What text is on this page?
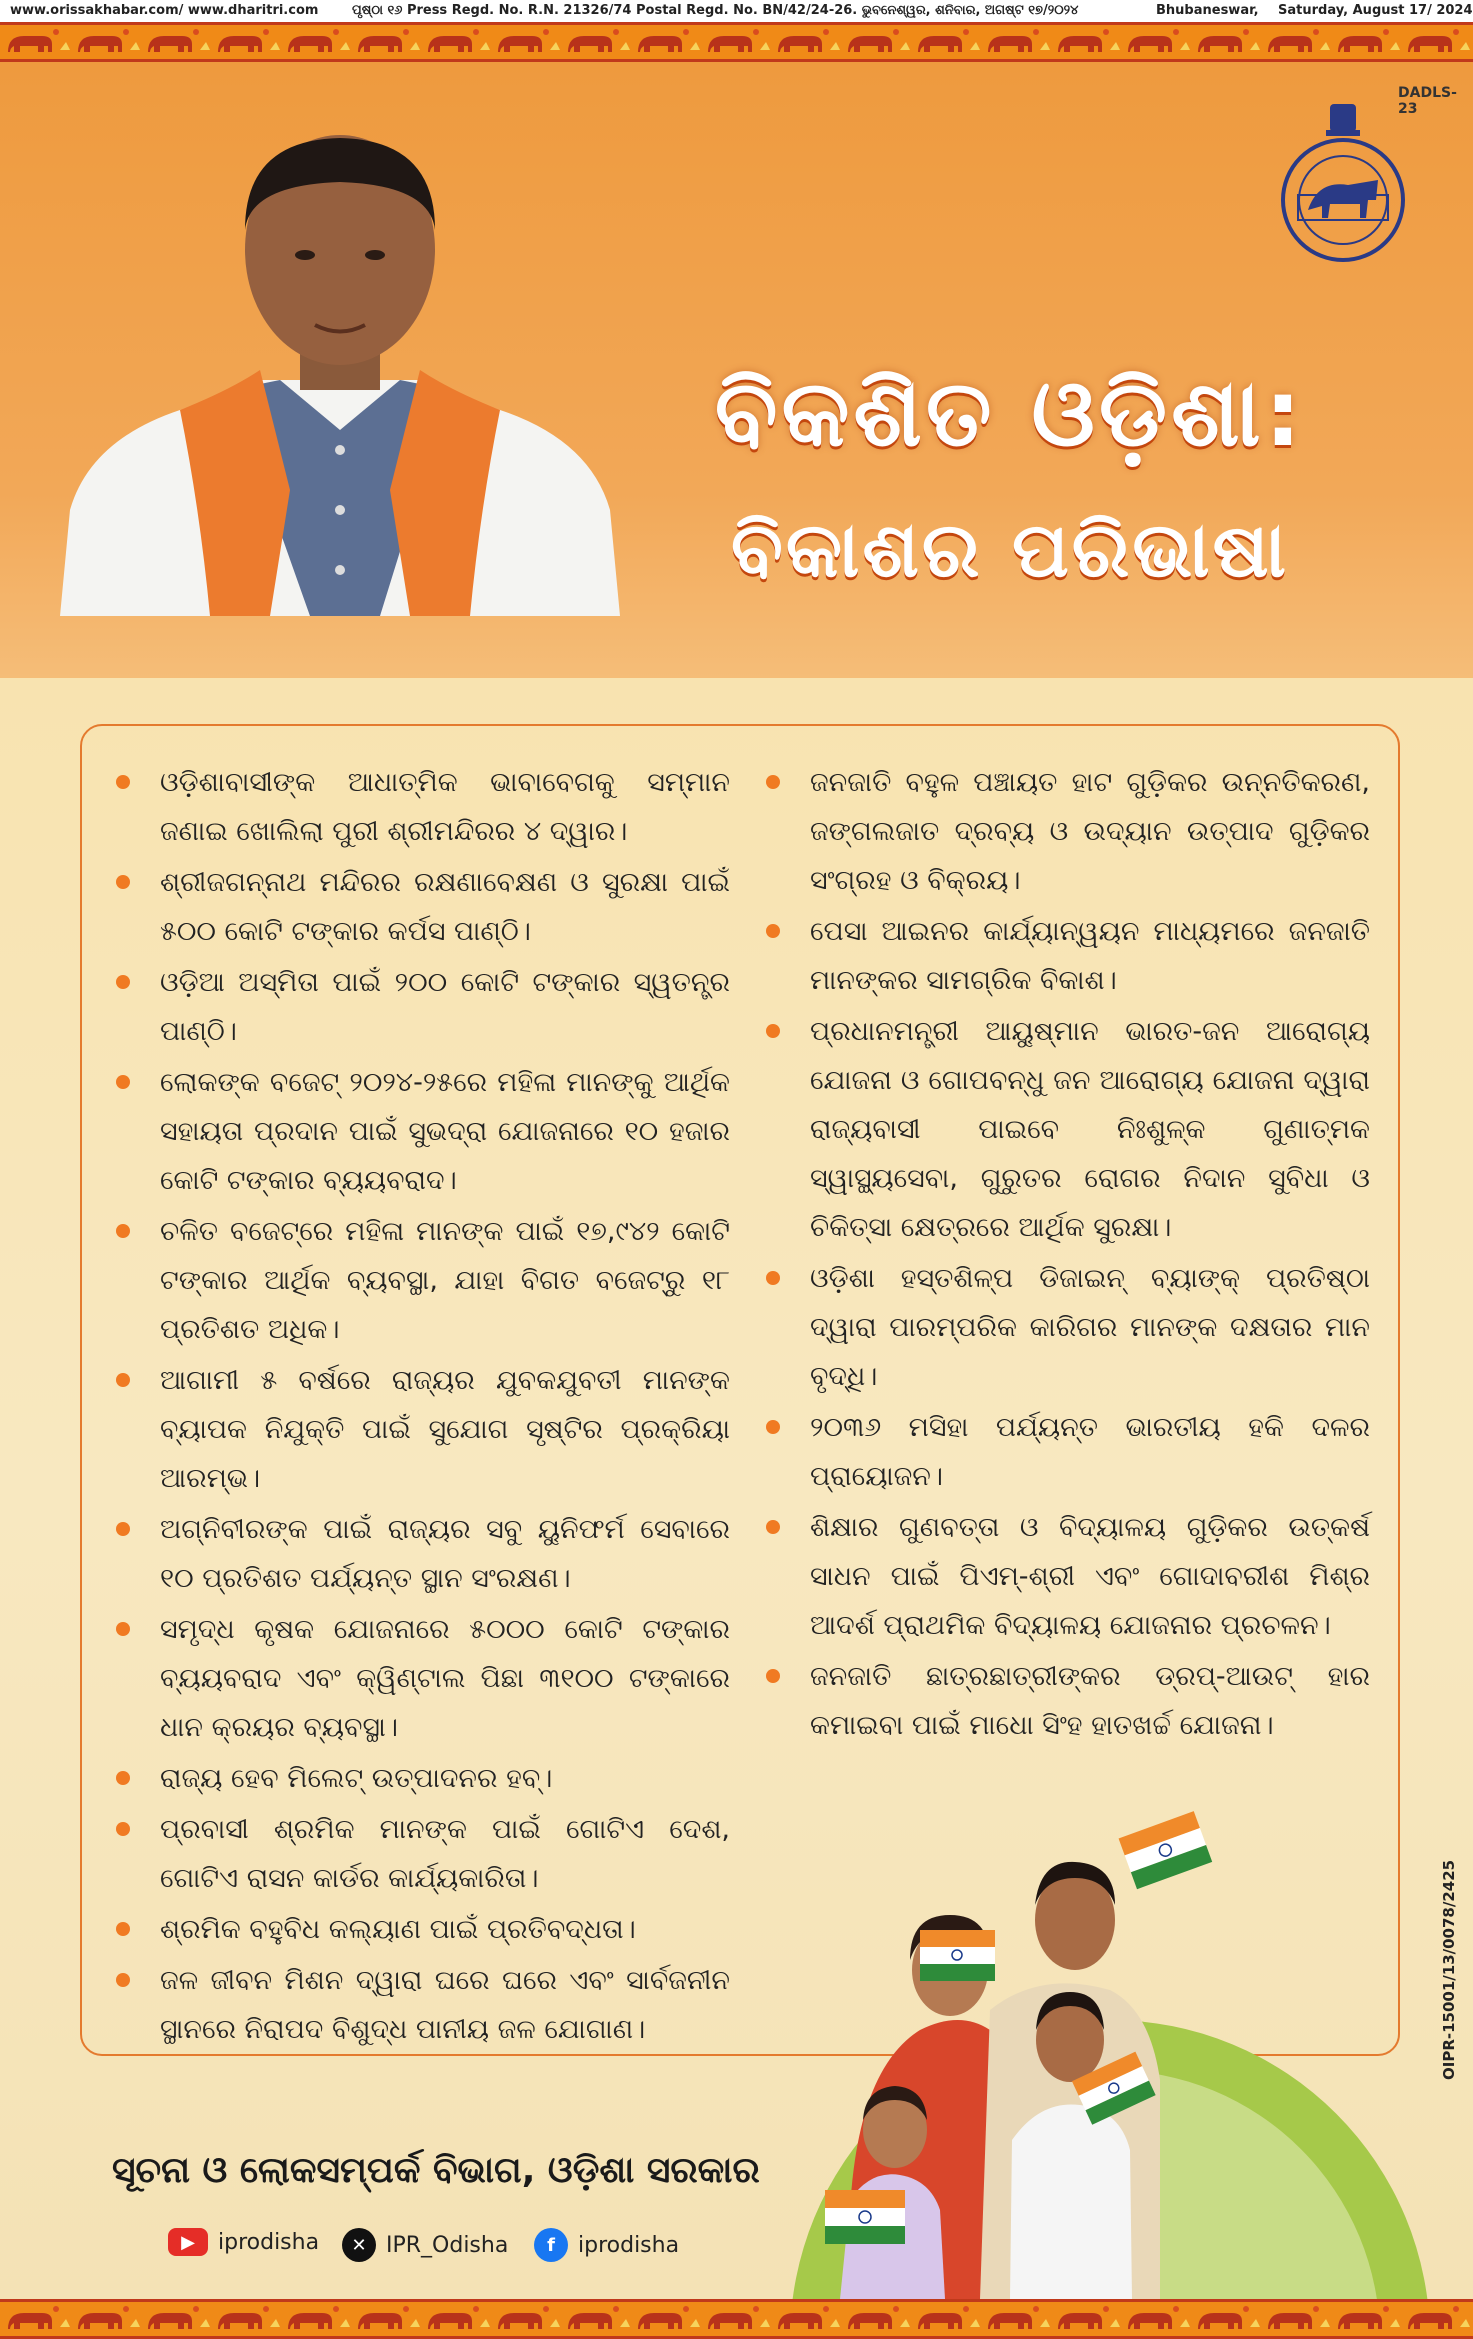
www.orissakhabar.com/ www.dharitri.com	ପୃଷ୍ଠା ୧୬ Press Regd. No. R.N. 21326/74 Postal Regd. No. BN/42/24-26. ଭୁବନେଶ୍ୱର, ଶନିବାର, ଅଗଷ୍ଟ ୧୭/୨୦୨୪	Bhubaneswar, Saturday, August 17/ 2024
DADLS-23
ବିକଶିତ ଓଡ଼ିଶା:
ବିକାଶର ପରିଭାଷା
ଓଡ଼ିଶାବାସୀଙ୍କ ଆଧାତ୍ମିକ ଭାବାବେଗକୁ ସମ୍ମାନ ଜଣାଇ ଖୋଲିଲା ପୁରୀ ଶ୍ରୀମନ୍ଦିରର ୪ ଦ୍ୱାର।
ଶ୍ରୀଜଗନ୍ନାଥ ମନ୍ଦିରର ରକ୍ଷଣାବେକ୍ଷଣ ଓ ସୁରକ୍ଷା ପାଇଁ ୫୦୦ କୋଟି ଟଙ୍କାର କର୍ପସ ପାଣ୍ଠି।
ଓଡ଼ିଆ ଅସ୍ମିତା ପାଇଁ ୨୦୦ କୋଟି ଟଙ୍କାର ସ୍ୱତନ୍ତ୍ର ପାଣ୍ଠି।
ଲୋକଙ୍କ ବଜେଟ୍ ୨୦୨୪-୨୫ରେ ମହିଳା ମାନଙ୍କୁ ଆର୍ଥିକ ସହାୟତା ପ୍ରଦାନ ପାଇଁ ସୁଭଦ୍ରା ଯୋଜନାରେ ୧୦ ହଜାର କୋଟି ଟଙ୍କାର ବ୍ୟୟବରାଦ।
ଚଳିତ ବଜେଟ୍‌ରେ ମହିଳା ମାନଙ୍କ ପାଇଁ ୧୭,୯୪୨ କୋଟି ଟଙ୍କାର ଆର୍ଥିକ ବ୍ୟବସ୍ଥା, ଯାହା ବିଗତ ବଜେଟ୍‌ରୁ ୧୮ ପ୍ରତିଶତ ଅଧିକ।
ଆଗାମୀ ୫ ବର୍ଷରେ ରାଜ୍ୟର ଯୁବକଯୁବତୀ ମାନଙ୍କ ବ୍ୟାପକ ନିଯୁକ୍ତି ପାଇଁ ସୁଯୋଗ ସୃଷ୍ଟିର ପ୍ରକ୍ରିୟା ଆରମ୍ଭ।
ଅଗ୍ନିବୀରଙ୍କ ପାଇଁ ରାଜ୍ୟର ସବୁ ୟୁନିଫର୍ମ ସେବାରେ ୧୦ ପ୍ରତିଶତ ପର୍ଯ୍ୟନ୍ତ ସ୍ଥାନ ସଂରକ୍ଷଣ।
ସମୃଦ୍ଧ କୃଷକ ଯୋଜନାରେ ୫୦୦୦ କୋଟି ଟଙ୍କାର ବ୍ୟୟବରାଦ ଏବଂ କ୍ୱିଣ୍ଟାଲ ପିଛା ୩୧୦୦ ଟଙ୍କାରେ ଧାନ କ୍ରୟର ବ୍ୟବସ୍ଥା।
ରାଜ୍ୟ ହେବ ମିଲେଟ୍ ଉତ୍ପାଦନର ହବ୍।
ପ୍ରବାସୀ ଶ୍ରମିକ ମାନଙ୍କ ପାଇଁ ଗୋଟିଏ ଦେଶ, ଗୋଟିଏ ରାସନ କାର୍ଡର କାର୍ଯ୍ୟକାରିତା।
ଶ୍ରମିକ ବହୁବିଧ କଲ୍ୟାଣ ପାଇଁ ପ୍ରତିବଦ୍ଧତା।
ଜଳ ଜୀବନ ମିଶନ ଦ୍ୱାରା ଘରେ ଘରେ ଏବଂ ସାର୍ବଜନୀନ ସ୍ଥାନରେ ନିରାପଦ ବିଶୁଦ୍ଧ ପାନୀୟ ଜଳ ଯୋଗାଣ।
ଜନଜାତି ବହୁଳ ପଞ୍ଚାୟତ ହାଟ ଗୁଡ଼ିକର ଉନ୍ନତିକରଣ, ଜଙ୍ଗଲଜାତ ଦ୍ରବ୍ୟ ଓ ଉଦ୍ୟାନ ଉତ୍ପାଦ ଗୁଡ଼ିକର ସଂଗ୍ରହ ଓ ବିକ୍ରୟ।
ପେସା ଆଇନର କାର୍ଯ୍ୟାନ୍ୱୟନ ମାଧ୍ୟମରେ ଜନଜାତି ମାନଙ୍କର ସାମଗ୍ରିକ ବିକାଶ।
ପ୍ରଧାନମନ୍ତ୍ରୀ ଆୟୁଷ୍ମାନ ଭାରତ-ଜନ ଆରୋଗ୍ୟ ଯୋଜନା ଓ ଗୋପବନ୍ଧୁ ଜନ ଆରୋଗ୍ୟ ଯୋଜନା ଦ୍ୱାରା ରାଜ୍ୟବାସୀ ପାଇବେ ନିଃଶୁଳ୍କ ଗୁଣାତ୍ମକ ସ୍ୱାସ୍ଥ୍ୟସେବା, ଗୁରୁତର ରୋଗର ନିଦାନ ସୁବିଧା ଓ ଚିକିତ୍ସା କ୍ଷେତ୍ରରେ ଆର୍ଥିକ ସୁରକ୍ଷା।
ଓଡ଼ିଶା ହସ୍ତଶିଳ୍ପ ଡିଜାଇନ୍ ବ୍ୟାଙ୍କ୍ ପ୍ରତିଷ୍ଠା ଦ୍ୱାରା ପାରମ୍ପରିକ କାରିଗର ମାନଙ୍କ ଦକ୍ଷତାର ମାନ ବୃଦ୍ଧି।
୨୦୩୬ ମସିହା ପର୍ଯ୍ୟନ୍ତ ଭାରତୀୟ ହକି ଦଳର ପ୍ରାୟୋଜନ।
ଶିକ୍ଷାର ଗୁଣବତ୍ତା ଓ ବିଦ୍ୟାଳୟ ଗୁଡ଼ିକର ଉତ୍କର୍ଷ ସାଧନ ପାଇଁ ପିଏମ୍-ଶ୍ରୀ ଏବଂ ଗୋଦାବରୀଶ ମିଶ୍ର ଆଦର୍ଶ ପ୍ରାଥମିକ ବିଦ୍ୟାଳୟ ଯୋଜନାର ପ୍ରଚଳନ।
ଜନଜାତି ଛାତ୍ରଛାତ୍ରୀଙ୍କର ଡ୍ରପ୍-ଆଉଟ୍ ହାର କମାଇବା ପାଇଁ ମାଧୋ ସିଂହ ହାତଖର୍ଚ୍ଚ ଯୋଜନା।
ସୂଚନା ଓ ଲୋକସମ୍ପର୍କ ବିଭାଗ, ଓଡ଼ିଶା ସରକାର
▶	iprodisha	✕ IPR_Odisha	f	iprodisha
OIPR-15001/13/0078/2425
